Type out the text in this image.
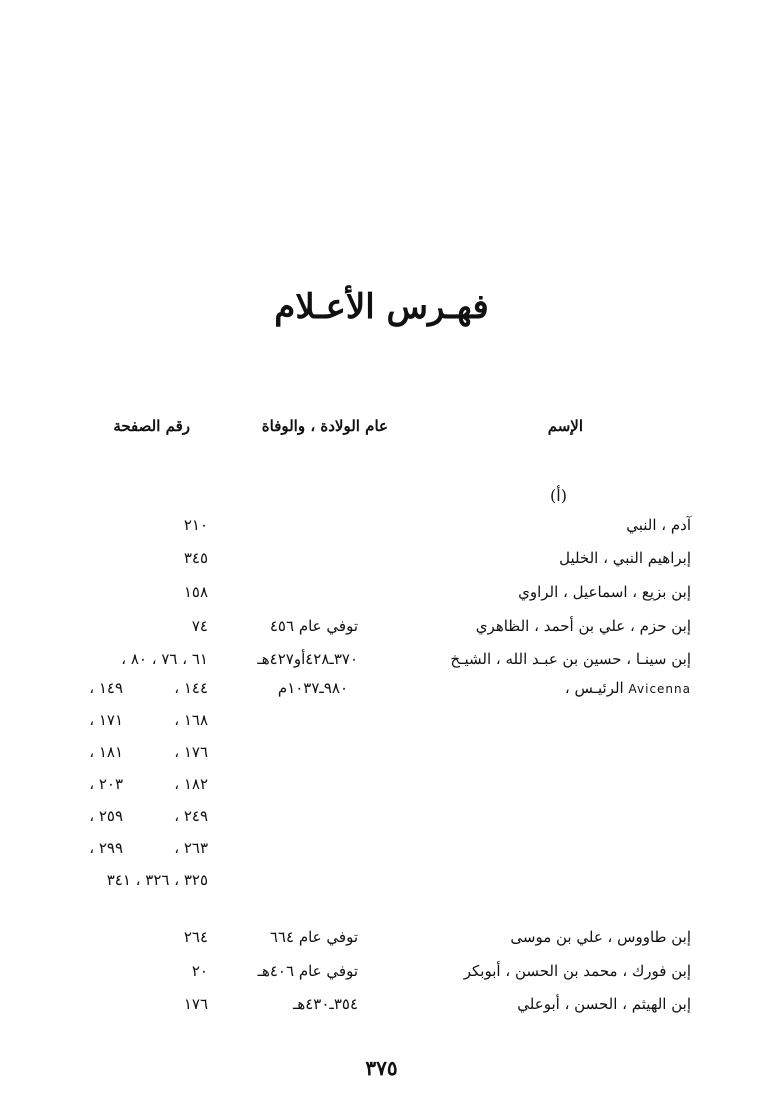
فهـرس الأعـلام
الإسم
عام الولادة ، والوفاة
رقم الصفحة
(أ)
آدم ، النبي
٢١٠
إبراهيم النبي ، الخليل
٣٤٥
إبن بزيع ، اسماعيل ، الراوي
١٥٨
إبن حزم ، علي بن أحمد ، الظاهري
توفي عام ٤٥٦
٧٤
إبن سينـا ، حسين بن عبـد الله ، الشيـخ
٣٧٠ـ٤٢٨أو٤٢٧هـ
٦١ ، ٧٦ ، ٨٠ ،
Avicenna الرئيـس ،
٩٨٠ـ١٠٣٧م
١٤٤ ،
١٤٩ ،
١٦٨ ،
١٧١ ،
١٧٦ ،
١٨١ ،
١٨٢ ،
٢٠٣ ،
٢٤٩ ،
٢٥٩ ،
٢٦٣ ،
٢٩٩ ،
٣٢٥ ، ٣٢٦ ، ٣٤١
إبن طاووس ، علي بن موسى
توفي عام ٦٦٤
٢٦٤
إبن فورك ، محمد بن الحسن ، أبوبكر
توفي عام ٤٠٦هـ
٢٠
إبن الهيثم ، الحسن ، أبوعلي
٣٥٤ـ٤٣٠هـ
١٧٦
٣٧٥
